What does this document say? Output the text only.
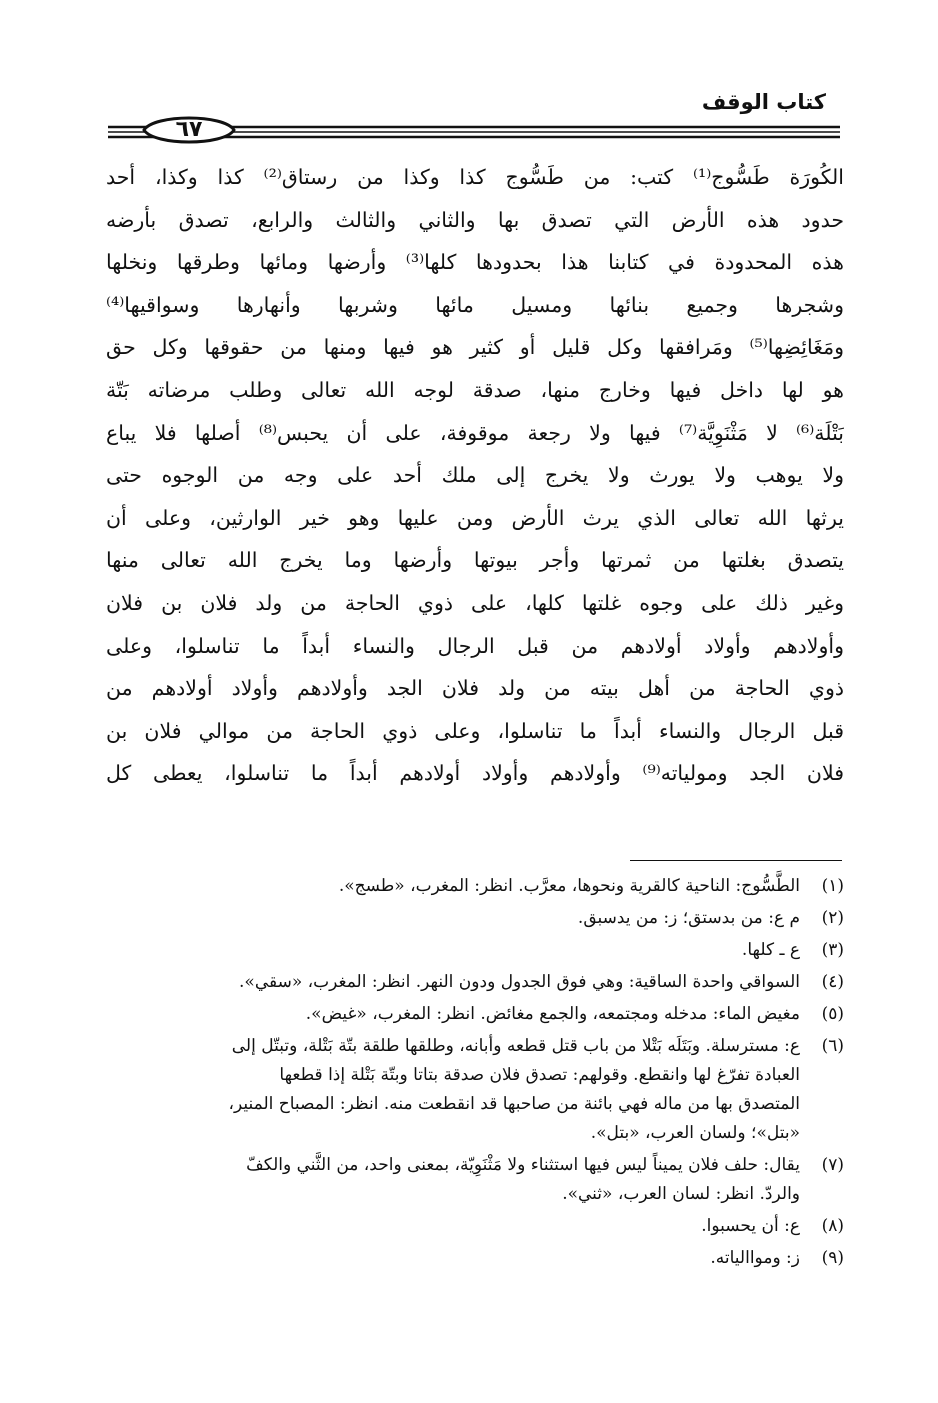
كتاب الوقف
٦٧
الكُورَة طَسُّوج⁽¹⁾ كتب: من طَسُّوج كذا وكذا من رستاق⁽²⁾ كذا وكذا، أحد
حدود هذه الأرض التي تصدق بها والثاني والثالث والرابع، تصدق بأرضه
هذه المحدودة في كتابنا هذا بحدودها كلها⁽³⁾ وأرضها ومائها وطرقها ونخلها
وشجرها وجميع بنائها ومسيل مائها وشربها وأنهارها وسواقيها⁽⁴⁾
ومَغَائِضِها⁽⁵⁾ ومَرافقها وكل قليل أو كثير هو فيها ومنها من حقوقها وكل حق
هو لها داخل فيها وخارج منها، صدقة لوجه الله تعالى وطلب مرضاته بَتّة
بَتْلَة⁽⁶⁾ لا مَثْنَوِيَّة⁽⁷⁾ فيها ولا رجعة موقوفة، على أن يحبس⁽⁸⁾ أصلها فلا يباع
ولا يوهب ولا يورث ولا يخرج إلى ملك أحد على وجه من الوجوه حتى
يرثها الله تعالى الذي يرث الأرض ومن عليها وهو خير الوارثين، وعلى أن
يتصدق بغلتها من ثمرتها وأجر بيوتها وأرضها وما يخرج الله تعالى منها
وغير ذلك على وجوه غلتها كلها، على ذوي الحاجة من ولد فلان بن فلان
وأولادهم وأولاد أولادهم من قبل الرجال والنساء أبداً ما تناسلوا، وعلى
ذوي الحاجة من أهل بيته من ولد فلان الجد وأولادهم وأولاد أولادهم من
قبل الرجال والنساء أبداً ما تناسلوا، وعلى ذوي الحاجة من موالي فلان بن
فلان الجد ومولياته⁽⁹⁾ وأولادهم وأولاد أولادهم أبداً ما تناسلوا، يعطى كل
(١)
الطَّسُّوج: الناحية كالقرية ونحوها، معرَّب. انظر: المغرب، «طسج».
(٢)
م ع: من بدستق؛ ز: من يدسبق.
(٣)
ع ـ كلها.
(٤)
السواقي واحدة الساقية: وهي فوق الجدول ودون النهر. انظر: المغرب، «سقي».
(٥)
مغيض الماء: مدخله ومجتمعه، والجمع مغائض. انظر: المغرب، «غيض».
(٦)
ع: مسترسلة. وبَتَلَه بَتْلا من باب قتل قطعه وأبانه، وطلقها طلقة بتّة بَتْلة، وتبتّل إلى
العبادة تفرّغ لها وانقطع. وقولهم: تصدق فلان صدقة بتاتا وبتّة بَتْلة إذا قطعها
المتصدق بها من ماله فهي بائنة من صاحبها قد انقطعت منه. انظر: المصباح المنير،
«بتل»؛ ولسان العرب، «بتل».
(٧)
يقال: حلف فلان يميناً ليس فيها استثناء ولا مَثْنَوِيّة، بمعنى واحد، من الثَّني والكفّ
والردّ. انظر: لسان العرب، «ثني».
(٨)
ع: أن يحسبوا.
(٩)
ز: ومواالياته.
